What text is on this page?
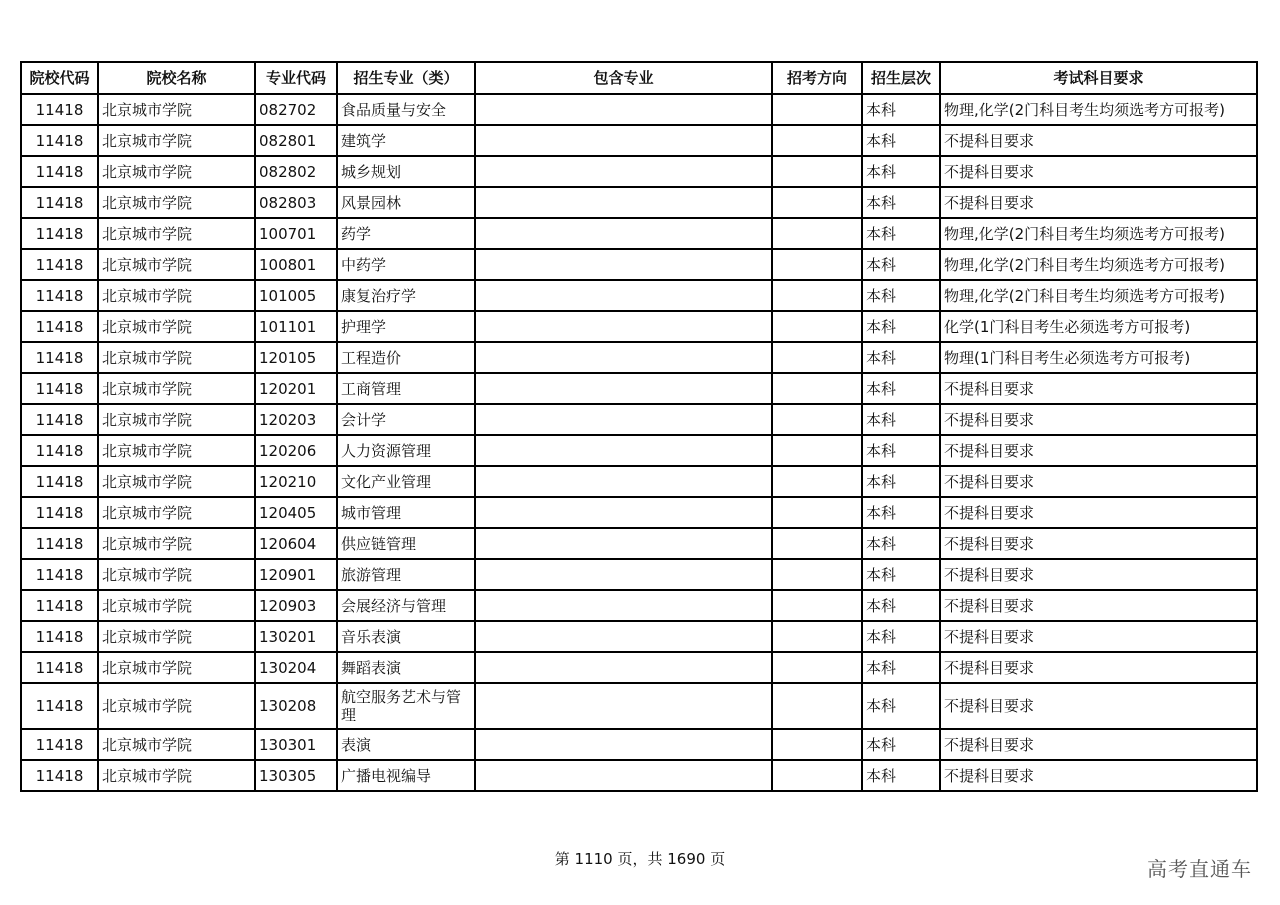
院校代码	院校名称	专业代码	招生专业（类）	包含专业	招考方向	招生层次	考试科目要求
11418	北京城市学院	082702	食品质量与安全			本科	物理,化学(2门科目考生均须选考方可报考)
11418	北京城市学院	082801	建筑学			本科	不提科目要求
11418	北京城市学院	082802	城乡规划			本科	不提科目要求
11418	北京城市学院	082803	风景园林			本科	不提科目要求
11418	北京城市学院	100701	药学			本科	物理,化学(2门科目考生均须选考方可报考)
11418	北京城市学院	100801	中药学			本科	物理,化学(2门科目考生均须选考方可报考)
11418	北京城市学院	101005	康复治疗学			本科	物理,化学(2门科目考生均须选考方可报考)
11418	北京城市学院	101101	护理学			本科	化学(1门科目考生必须选考方可报考)
11418	北京城市学院	120105	工程造价			本科	物理(1门科目考生必须选考方可报考)
11418	北京城市学院	120201	工商管理			本科	不提科目要求
11418	北京城市学院	120203	会计学			本科	不提科目要求
11418	北京城市学院	120206	人力资源管理			本科	不提科目要求
11418	北京城市学院	120210	文化产业管理			本科	不提科目要求
11418	北京城市学院	120405	城市管理			本科	不提科目要求
11418	北京城市学院	120604	供应链管理			本科	不提科目要求
11418	北京城市学院	120901	旅游管理			本科	不提科目要求
11418	北京城市学院	120903	会展经济与管理			本科	不提科目要求
11418	北京城市学院	130201	音乐表演			本科	不提科目要求
11418	北京城市学院	130204	舞蹈表演			本科	不提科目要求
11418	北京城市学院	130208	航空服务艺术与管理			本科	不提科目要求
11418	北京城市学院	130301	表演			本科	不提科目要求
11418	北京城市学院	130305	广播电视编导			本科	不提科目要求
第 1110 页，共 1690 页	高考直通车
